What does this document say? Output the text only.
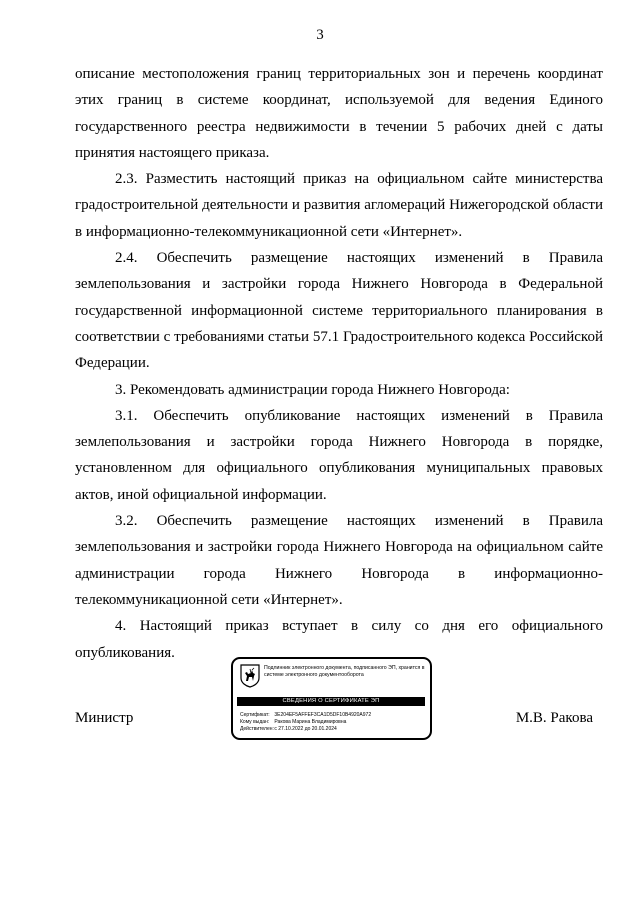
3

описание местоположения границ территориальных зон и перечень координат этих границ в системе координат, используемой для ведения Единого государственного реестра недвижимости в течении 5 рабочих дней с даты принятия настоящего приказа.

2.3. Разместить настоящий приказ на официальном сайте министерства градостроительной деятельности и развития агломераций Нижегородской области в информационно-телекоммуникационной сети «Интернет».

2.4. Обеспечить размещение настоящих изменений в Правила землепользования и застройки города Нижнего Новгорода в Федеральной государственной информационной системе территориального планирования в соответствии с требованиями статьи 57.1 Градостроительного кодекса Российской Федерации.

3. Рекомендовать администрации города Нижнего Новгорода:

3.1. Обеспечить опубликование настоящих изменений в Правила землепользования и застройки города Нижнего Новгорода в порядке, установленном для официального опубликования муниципальных правовых актов, иной официальной информации.

3.2. Обеспечить размещение настоящих изменений в Правила землепользования и застройки города Нижнего Новгорода на официальном сайте администрации города Нижнего Новгорода в информационно-телекоммуникационной сети «Интернет».

4. Настоящий приказ вступает в силу со дня его официального опубликования.

Министр	М.В. Ракова
Подлинник электронного документа, подписанного ЭП, хранится в системе электронного документооборота
СВЕДЕНИЯ О СЕРТИФИКАТЕ ЭП
Сертификат: 3E204EF5AFFEF3CA1D5DF10B4920A972
Кому выдан: Ракова Марина Владимировна
Действителен: с 27.10.2022 до 20.01.2024
